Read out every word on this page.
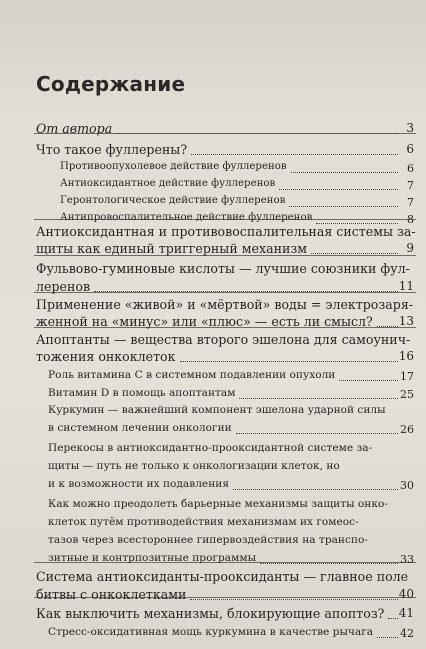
Содержание
От автора	3
Что такое фуллерены?	6
Противоопухолевое действие фуллеренов	6
Антиоксидантное действие фуллеренов	7
Геронтологическое действие фуллеренов	7
Антипровоспалительное действие фуллеренов	8
Антиоксидантная и противовоспалительная системы за-
щиты как единый триггерный механизм	9
Фульвово-гуминовые кислоты — лучшие союзники фул-
леренов	11
Применение «живой» и «мёртвой» воды = электрозаря-
женной на «минус» или «плюс» — есть ли смысл? 13
Апоптанты — вещества второго эшелона для самоунич-
тожения онкоклеток	16
Роль витамина С в системном подавлении опухоли	17
Витамин D в помощь апоптантам	25
Куркумин — важнейший компонент эшелона ударной силы
в системном лечении онкологии	26
Перекосы в антиоксидантно-прооксидантной системе за-
щиты — путь не только к онкологизации клеток, но
и к возможности их подавления	30
Как можно преодолеть барьерные механизмы защиты онко-
клеток путём противодействия механизмам их гомеос-
тазов через всестороннее гипервоздействия на транспо-
зитные и контрпозитные программы	33
Система антиоксиданты-прооксиданты — главное поле
битвы с онкоклетками	40
Как выключить механизмы, блокирующие апоптоз? 41
Стресс-оксидативная мощь куркумина в качестве рычага 42
